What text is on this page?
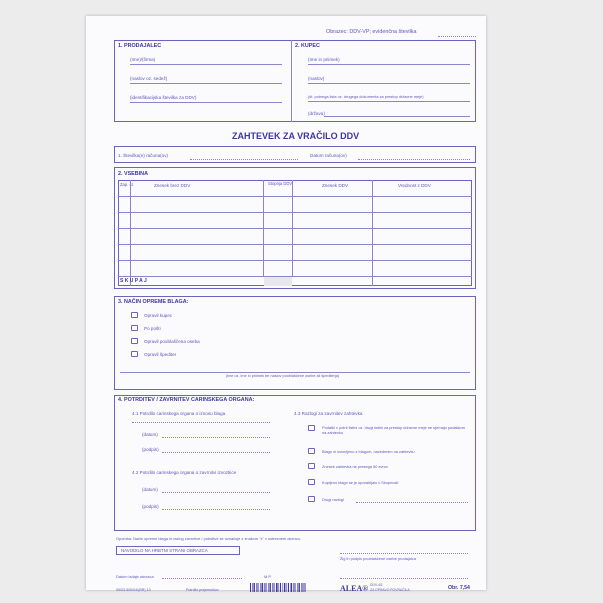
Obrazec: DDV-VP; evidenčna številka
1. PRODAJALEC
(Ime)/(firma)
(naslov oz. sedež)
(identifikacijska številka za DDV)
2. KUPEC
(Ime in priimek)
(naslov)
(št. potnega lista oz. drugega dokumenta za prestop državne meje)
(država)
ZAHTEVEK ZA VRAČILO DDV
1. Številka(e) računa(ov)	Datum računa(ov)
2. VSEBINA
Zap. št.	Znesek brez DDV	Stopnja DDV	Znesek DDV	Vrednost z DDV
S K U P A J
3. NAČIN OPREME BLAGA:
Opravil kupec
Po pošti
Opravil pooblaščena oseba
Opravil špediter
(ime oz. ime in priimek ter naslov pooblaščene osebe ali špediterja)
4. POTRDITEV / ZAVRNITEV CARINSKEGA ORGANA:
4.1 Potrdilo carinskega organa o iznosu blaga
(datum)
(podpis)
4.2 Potrdilo carinskega organa o zavrnitvi izvoztiice
(datum)
(podpis)
4.3 Razlogi za zavrnitev zahtevka
Podatki v potni listini oz. drugi listini za prestop državne meje ne ujemajo podatkom na zahtevku
Blago ni iznovljeno z blagom, navedenim na zahtevku
Znesek zahtevka ne presega 50 evrov
Kupljeno blago se je uporabljalo v Skupnosti
Drugi razlogi
Opomba: Način opreme blaga in razlog zavrnitve / potrditve se označuje z znakom "x" v ustreznem okencu.
NAVODILO NA HRBTNI STRANI OBRAZCA
Žig in podpis pooblaščene osebe prodajalca
Datum izdaje obrazca	M.P.
09/03-500/04/(BR) 13	Potrdilo prejemnikov	ALEA® DDV-4/1
ZA OPRAVO POVRAČILA	Obr. 7,54
